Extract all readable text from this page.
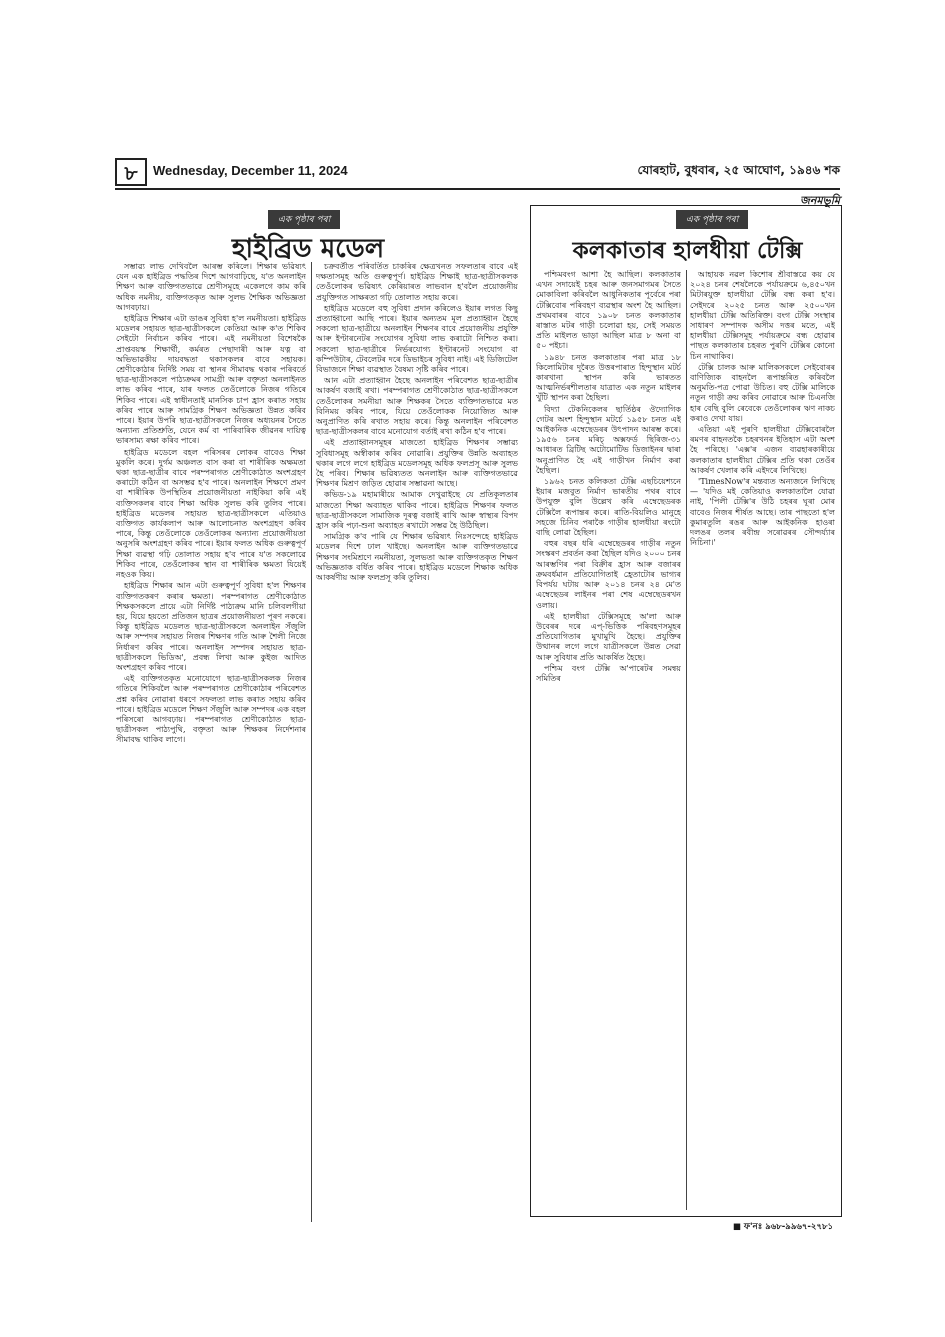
৮	Wednesday, December 11, 2024	যোৰহাট, বুধবাৰ, ২৫ আঘোণ, ১৯৪৬ শক
জনমভূমি
এক পৃষ্ঠাৰ পৰা
হাইব্ৰিড মডেল

সম্ভাৱ্য লাভ দেখিবলৈ আৰম্ভ কৰিলে। শিক্ষাৰ ভৱিষ্যৎ যেন এক হাইব্ৰিড পদ্ধতিৰ দিশে আগবাঢ়িছে, য'ত অনলাইন শিক্ষণ আৰু ব্যক্তিগতভাৱে শ্ৰেণীসমূহে একেলগে কাম কৰি অধিক নমনীয়, ব্যক্তিগতকৃত আৰু সুলভ শৈক্ষিক অভিজ্ঞতা আগবঢ়ায়।

হাইব্ৰিড শিক্ষাৰ এটা ডাঙৰ সুবিধা হ'ল নমনীয়তা। হাইব্ৰিড মডেলৰ সহায়ত ছাত্ৰ-ছাত্ৰীসকলে কেতিয়া আৰু ক'ত শিকিব সেইটো নিৰ্বাচন কৰিব পাৰে। এই নমনীয়তা বিশেষকৈ প্ৰাপ্তবয়স্ক শিক্ষাৰ্থী, কৰ্মৰত পেছাদাৰী আৰু যত্ন বা অভিভাৱকীয় দায়বদ্ধতা থকাসকলৰ বাবে সহায়ক। শ্ৰেণীকোঠাৰ নিৰ্দিষ্ট সময় বা স্থানৰ সীমাবদ্ধ থকাৰ পৰিবৰ্তে ছাত্ৰ-ছাত্ৰীসকলে পাঠ্যক্ৰমৰ সামগ্ৰী আৰু বক্তৃতা অনলাইনত লাভ কৰিব পাৰে, যাৰ ফলত তেওঁলোকে নিজৰ গতিৰে শিকিব পাৰে। এই স্বাধীনতাই মানসিক চাপ হ্ৰাস কৰাত সহায় কৰিব পাৰে আৰু সামগ্ৰিক শিক্ষণ অভিজ্ঞতা উন্নত কৰিব পাৰে। ইয়াৰ উপৰি ছাত্ৰ-ছাত্ৰীসকলে নিজৰ অধ্যয়নৰ সৈতে অন্যান্য প্ৰতিশ্ৰুতি, যেনে কৰ্ম বা পাৰিবাৰিক জীৱনৰ দায়িত্ব ভাৰসাম্য ৰক্ষা কৰিব পাৰে।

হাইব্ৰিড মডেলে বহল পৰিসৰৰ লোকৰ বাবেও শিক্ষা মুকলি কৰে। দুৰ্গম অঞ্চলত বাস কৰা বা শাৰীৰিক অক্ষমতা থকা ছাত্ৰ-ছাত্ৰীৰ বাবে পৰম্পৰাগত শ্ৰেণীকোঠাত অংশগ্ৰহণ কৰাটো কঠিন বা অসম্ভৱ হ'ব পাৰে। অনলাইন শিক্ষণে প্ৰমণ বা শাৰীৰিক উপস্থিতিৰ প্ৰয়োজনীয়তা নাইকিয়া কৰি এই ব্যক্তিসকলৰ বাবে শিক্ষা অধিক সুলভ কৰি তুলিব পাৰে। হাইব্ৰিড মডেলৰ সহায়ত ছাত্ৰ-ছাত্ৰীসকলে এতিয়াও ব্যক্তিগত কাৰ্যকলাপ আৰু আলোচনাত অংশগ্ৰহণ কৰিব পাৰে, কিন্তু তেওঁলোকে তেওঁলোকৰ অন্যান্য প্ৰয়োজনীয়তা অনুসৰি অংশগ্ৰহণ কৰিব পাৰে। ইয়াৰ ফলত অধিক গুৰুত্বপূৰ্ণ শিক্ষা ব্যৱস্থা গঢ়ি তোলাত সহায় হ'ব পাৰে য'ত সকলোৱে শিকিব পাৰে, তেওঁলোকৰ স্থান বা শাৰীৰিক ক্ষমতা যিয়েই নহওক কিয়।

হাইব্ৰিড শিক্ষাৰ আন এটা গুৰুত্বপূৰ্ণ সুবিধা হ'ল শিক্ষণৰ ব্যক্তিগতকৰণ কৰাৰ ক্ষমতা। পৰম্পৰাগত শ্ৰেণীকোঠাত শিক্ষকসকলে প্ৰায়ে এটা নিৰ্দিষ্ট পাঠ্যক্ৰম মানি চলিবলগীয়া হয়, যিয়ে হয়তো প্ৰতিজন ছাত্ৰৰ প্ৰয়োজনীয়তা পূৰণ নকৰে। কিন্তু হাইব্ৰিড মডেলত ছাত্ৰ-ছাত্ৰীসকলে অনলাইন সঁজুলি আৰু সম্পদৰ সহায়ত নিজৰ শিক্ষণৰ গতি আৰু শৈলী নিজে নিৰ্ধাৰণ কৰিব পাৰে। অনলাইন সম্পদৰ সহায়ত ছাত্ৰ-ছাত্ৰীসকলে ভিডিঅ', প্ৰবন্ধ লিখা আৰু কুইজ আদিত অংশগ্ৰহণ কৰিব পাৰে।

এই ব্যক্তিগতকৃত মনোযোগে ছাত্ৰ-ছাত্ৰীসকলক নিজৰ গতিৰে শিকিবলৈ আৰু পৰম্পৰাগত শ্ৰেণীকোঠাৰ পৰিবেশত প্ৰশ্ন কৰিব নোৱাৰা ধৰণে সফলতা লাভ কৰাত সহায় কৰিব পাৰে। হাইব্ৰিড মডেলে শিক্ষণ সঁজুলি আৰু সম্পদৰ এক বহল পৰিসৰো আগবঢ়ায়। পৰম্পৰাগত শ্ৰেণীকোঠাত ছাত্ৰ-ছাত্ৰীসকল পাঠ্যপুথি, বক্তৃতা আৰু শিক্ষকৰ নিৰ্দেশনাৰ সীমাবদ্ধ থাকিব লাগে।

চক্ৰবৰ্তীত পৰিবৰ্তিত চাকৰিৰ ক্ষেত্ৰখনত সফলতাৰ বাবে এই দক্ষতাসমূহ অতি গুৰুত্বপূৰ্ণ। হাইব্ৰিড শিক্ষাই ছাত্ৰ-ছাত্ৰীসকলক তেওঁলোকৰ ভৱিষ্যৎ কেৰিয়াৰত লাভবান হ'বলৈ প্ৰয়োজনীয় প্ৰযুক্তিগত সাক্ষৰতা গঢ়ি তোলাত সহায় কৰে।

হাইব্ৰিড মডেলে বহু সুবিধা প্ৰদান কৰিলেও ইয়াৰ লগত কিছু প্ৰত্যাহ্বানো আছি পাৰে। ইয়াৰ অন্যতম মূল প্ৰত্যাহ্বান হৈছে সকলো ছাত্ৰ-ছাত্ৰীয়ে অনলাইন শিক্ষণৰ বাবে প্ৰয়োজনীয় প্ৰযুক্তি আৰু ইণ্টাৰনেটৰ সংযোগৰ সুবিধা লাভ কৰাটো নিশ্চিত কৰা। সকলো ছাত্ৰ-ছাত্ৰীৰে নিৰ্ভৰযোগ্য ইণ্টাৰনেট সংযোগ বা কম্পিউটাৰ, টেবলেটৰ দৰে ডিভাইচৰ সুবিধা নাই। এই ডিজিটেল বিভাজনে শিক্ষা ব্যৱস্থাত বৈষম্য সৃষ্টি কৰিব পাৰে।

আন এটা প্ৰত্যাহ্বান হৈছে অনলাইন পৰিবেশত ছাত্ৰ-ছাত্ৰীৰ আকৰ্ষণ বজাই ৰখা। পৰম্পৰাগত শ্ৰেণীকোঠাত ছাত্ৰ-ছাত্ৰীসকলে তেওঁলোকৰ সমনীয়া আৰু শিক্ষকৰ সৈতে ব্যক্তিগতভাৱে মত বিনিময় কৰিব পাৰে, যিয়ে তেওঁলোকক নিয়োজিত আৰু অনুপ্ৰাণিত কৰি ৰখাত সহায় কৰে। কিন্তু অনলাইন পৰিবেশত ছাত্ৰ-ছাত্ৰীসকলৰ বাবে মনোযোগ বৰ্তাই ৰখা কঠিন হ'ব পাৰে।

এই প্ৰত্যাহ্বানসমূহৰ মাজতো হাইব্ৰিড শিক্ষণৰ সম্ভাৱ্য সুবিধাসমূহ অস্বীকাৰ কৰিব নোৱাৰি। প্ৰযুক্তিৰ উন্নতি অব্যাহত থকাৰ লগে লগে হাইব্ৰিড মডেলসমূহ অধিক ফলপ্ৰসূ আৰু সুলভ হৈ পৰিব। শিক্ষাৰ ভৱিষ্যতত অনলাইন আৰু ব্যক্তিগতভাৱে শিক্ষণৰ মিশ্ৰণ জড়িত হোৱাৰ সম্ভাৱনা আছে।

কভিড-১৯ মহামাৰীয়ে আমাক দেখুৱাইছে যে প্ৰতিকূলতাৰ মাজতো শিক্ষা অব্যাহত থাকিব পাৰে। হাইব্ৰিড শিক্ষণৰ ফলত ছাত্ৰ-ছাত্ৰীসকলে সামাজিক দূৰত্ব বজাই ৰাখি আৰু স্বাস্থ্যৰ বিপদ হ্ৰাস কৰি পঢ়া-শুনা অব্যাহত ৰখাটো সম্ভৱ হৈ উঠিছিল।

সামগ্ৰিক ক'ব পাৰি যে শিক্ষাৰ ভৱিষ্যৎ নিঃসন্দেহে হাইব্ৰিড মডেলৰ দিশে ঢাল খাইছে। অনলাইন আৰু ব্যক্তিগতভাৱে শিক্ষণৰ সংমিশ্ৰণে নমনীয়তা, সুলভতা আৰু ব্যক্তিগতকৃত শিক্ষণ অভিজ্ঞতাক বৰ্ধিত কৰিব পাৰে। হাইব্ৰিড মডেলে শিক্ষাক অধিক আকৰ্ষণীয় আৰু ফলপ্ৰসূ কৰি তুলিব।

এক পৃষ্ঠাৰ পৰা
কলকাতাৰ হালধীয়া টেক্সি

পশ্চিমবংগ আশা হৈ আছিল। কলকাতাৰ এখন সদায়েই চহৰ আৰু জনসমাগমৰ সৈতে মোকাবিলা কৰিবলৈ আধুনিকতাৰ পূৰ্বেৰে পৰা টেক্সিবোৰ পৰিবহণ ব্যৱস্থাৰ অংশ হৈ আছিল। প্ৰথমবাৰৰ বাবে ১৯০৮ চনত কলকাতাৰ ৰাস্তাত মটৰ গাড়ী চলোৱা হয়, সেই সময়ত প্ৰতি মাইলত ভাড়া আছিল মাত্ৰ ৮ অনা বা ৫০ পইচা।

১৯৪৮ চনত কলকাতাৰ পৰা মাত্ৰ ১৮ কিলোমিটাৰ দূৰৈত উত্তৰপাৰাত হিন্দুস্থান মটৰ্চ কাৰখানা স্থাপন কৰি ভাৰতত আত্মনিৰ্ভৰশীলতাৰ যাত্ৰাত এক নতুন মাইলৰ খুঁটি স্থাপন কৰা হৈছিল।

বিদ্যা টেকনিকেলৰ ছাৰ্তিষ্ঠৰ ঔদ্যোগিক গেটৰ অংশ হিন্দুস্থান মটৰ্চে ১৯৫৮ চনত এই আইকনিক এম্বেছেডৰৰ উৎপাদন আৰম্ভ কৰে। ১৯৫৬ চনৰ মৰিচ্ অক্সফৰ্ড ছিৰিজ-৩১ আধাৰত ব্ৰিটিছ অটোমোটিভ ডিজাইনৰ দ্বাৰা অনুপ্ৰাণিত হৈ এই গাড়ীখন নিৰ্মাণ কৰা হৈছিল।

১৯৬২ চনত কলিকতা টেক্সি এছচিয়েশ্যনে ইয়াৰ মজবুত নিৰ্মাণ ভাৰতীয় পথৰ বাবে উপযুক্ত বুলি উল্লেখ কৰি এম্বেছেডৰক টেক্সিলৈ ৰূপান্তৰ কৰে। ৰাতি-বিয়লিও মানুহে সহজে চিনিব পৰাকৈ গাড়ীৰ হালধীয়া ৰংটো বাছি লোৱা হৈছিল।

বহুৰ বছৰ ধৰি এম্বেছেডৰৰ গাড়ীৰ নতুন সংস্কৰণ প্ৰবৰ্তন কৰা হৈছিল যদিও ২০০০ চনৰ আৰম্ভণিৰ পৰা বিক্ৰীৰ হ্ৰাস আৰু বজাৰৰ ক্ৰমবৰ্ধমান প্ৰতিযোগিতাই হ্ৰেতাটোৰ ভাগ্যৰ বিপৰ্যয় ঘটায় আৰু ২০১৪ চনৰ ২৪ মে'ত এম্বেছেডৰ লাইনৰ পৰা শেষ এম্বেছেডৰখন ওলায়।

এই হালধীয়া টেক্সিসমূহে অ'লা আৰু উবেৰৰ দৰে এপ্‌-ভিত্তিক পৰিবহণসমূহৰ প্ৰতিযোগিতাৰ মুখামুখি হৈছে। প্ৰযুক্তিৰ উত্থানৰ লগে লগে যাত্ৰীসকলে উন্নত সেৱা আৰু সুবিধাৰ প্ৰতি আকৰ্ষিত হৈছে।

পশ্চিম বংগ টেক্সি অ'পাৰেটৰ সমন্বয় সমিতিৰ

আহায়ক নৱল কিশোৰ শ্ৰীবাস্তৱে কয় যে ২০২৪ চনৰ শেষলৈকে পৰ্যায়ক্ৰমে ৬,৪৫০খন মিটাৰযুক্ত হালধীয়া টেক্সি বন্ধ কৰা হ'ব। সেইদৰে ২০২৫ চনত আৰু ২৫০০খন হালধীয়া টেক্সি অতিৰিক্ত। বংগ টেক্সি সংস্থাৰ সাধাৰণ সম্পাদক অসীম দত্তৰ মতে, এই হালধীয়া টেক্সিসমূহ পৰ্যায়ক্ৰমে বন্ধ হোৱাৰ পাছত কলকাতাৰ চহৰত পুৰণি টেক্সিৰ কোনো চিন নাথাকিব।

টেক্সি চালক আৰু মালিকসকলে সেইবোৰৰ বাণিজ্যিক বাহনলৈ ৰূপান্তৰিত কৰিবলৈ অনুমতি-পত্ৰ পোৱা উচিত। বহু টেক্সি মালিকে নতুন গাড়ী ক্ৰয় কৰিব নোৱাৰে আৰু চিএনজি হাৰ বেছি বুলি ৰেবেকে তেওঁলোকৰ ঋণ নাকচ কৰাও দেখা যায়।

এতিয়া এই পুৰণি হালধীয়া টেক্সিবোৰলৈ ৰমণৰ বাহনতকৈ চহৰখনৰ ইতিহাস এটা অংশ হৈ পৰিছে। 'এক্স'ৰ এজন ব্যৱহাৰকাৰীয়ে কলকাতাৰ হালধীয়া টেক্সিৰ প্ৰতি থকা তেওঁৰ আকৰ্ষণ খেলাৰ কৰি এইদৰে লিখিছে।

'TimesNow'ৰ মন্তব্যত অন্যজনে লিখিছে— 'যদিও মই কেতিয়াও কলকাতালৈ যোৱা নাই, 'পিলী টেক্সি'ৰ উঠি চহৰৰ ঘূৰা মোৰ বাবেও নিজৰ শীৰ্ষত আছে। তাৰ পাছতো হ'ল কুমাৰতুলি ৰঙৰ আৰু আইকনিক হাওৰা দলঙৰ তলৰ ৰবীন্দ্ৰ সৰোৱৰৰ সৌন্দৰ্য্যাৰ নিচিনা।'

■ ফ'নঃ ৯৬৮-৯৯৬৭-২৭৮১
